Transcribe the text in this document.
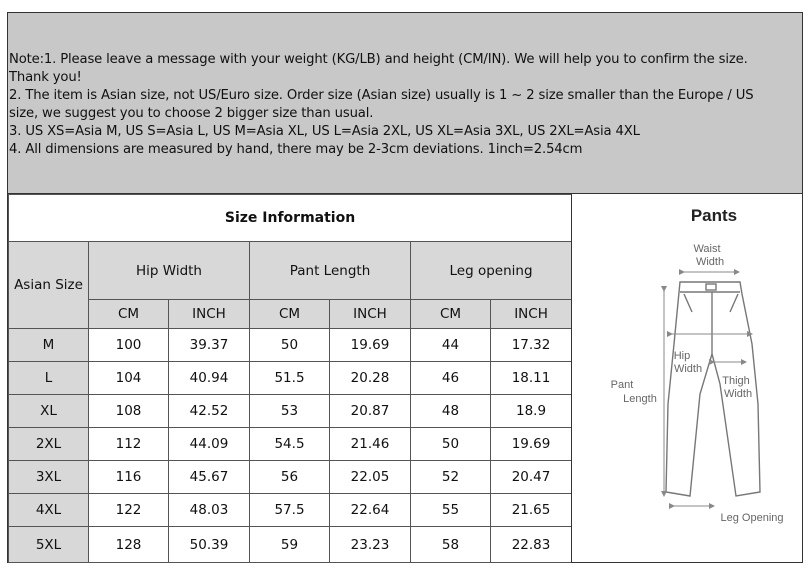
Note:1. Please leave a message with your weight (KG/LB) and height (CM/IN). We will help you to confirm the size.
Thank you!
2. The item is Asian size, not US/Euro size. Order size (Asian size) usually is 1 ~ 2 size smaller than the Europe / US
size, we suggest you to choose 2 bigger size than usual.
3. US XS=Asia M, US S=Asia L, US M=Asia XL, US L=Asia 2XL, US XL=Asia 3XL, US 2XL=Asia 4XL
4. All dimensions are measured by hand, there may be 2-3cm deviations. 1inch=2.54cm
Size Information						
Asian Size	Hip Width		Pant Length		Leg opening	
	CM	INCH	CM	INCH	CM	INCH
M	100	39.37	50	19.69	44	17.32
L	104	40.94	51.5	20.28	46	18.11
XL	108	42.52	53	20.87	48	18.9
2XL	112	44.09	54.5	21.46	50	19.69
3XL	116	45.67	56	22.05	52	20.47
4XL	122	48.03	57.5	22.64	55	21.65
5XL	128	50.39	59	23.23	58	22.83
Pants
Waist
Width
Hip
Width
Pant
Length
Thigh
Width
Leg Opening
